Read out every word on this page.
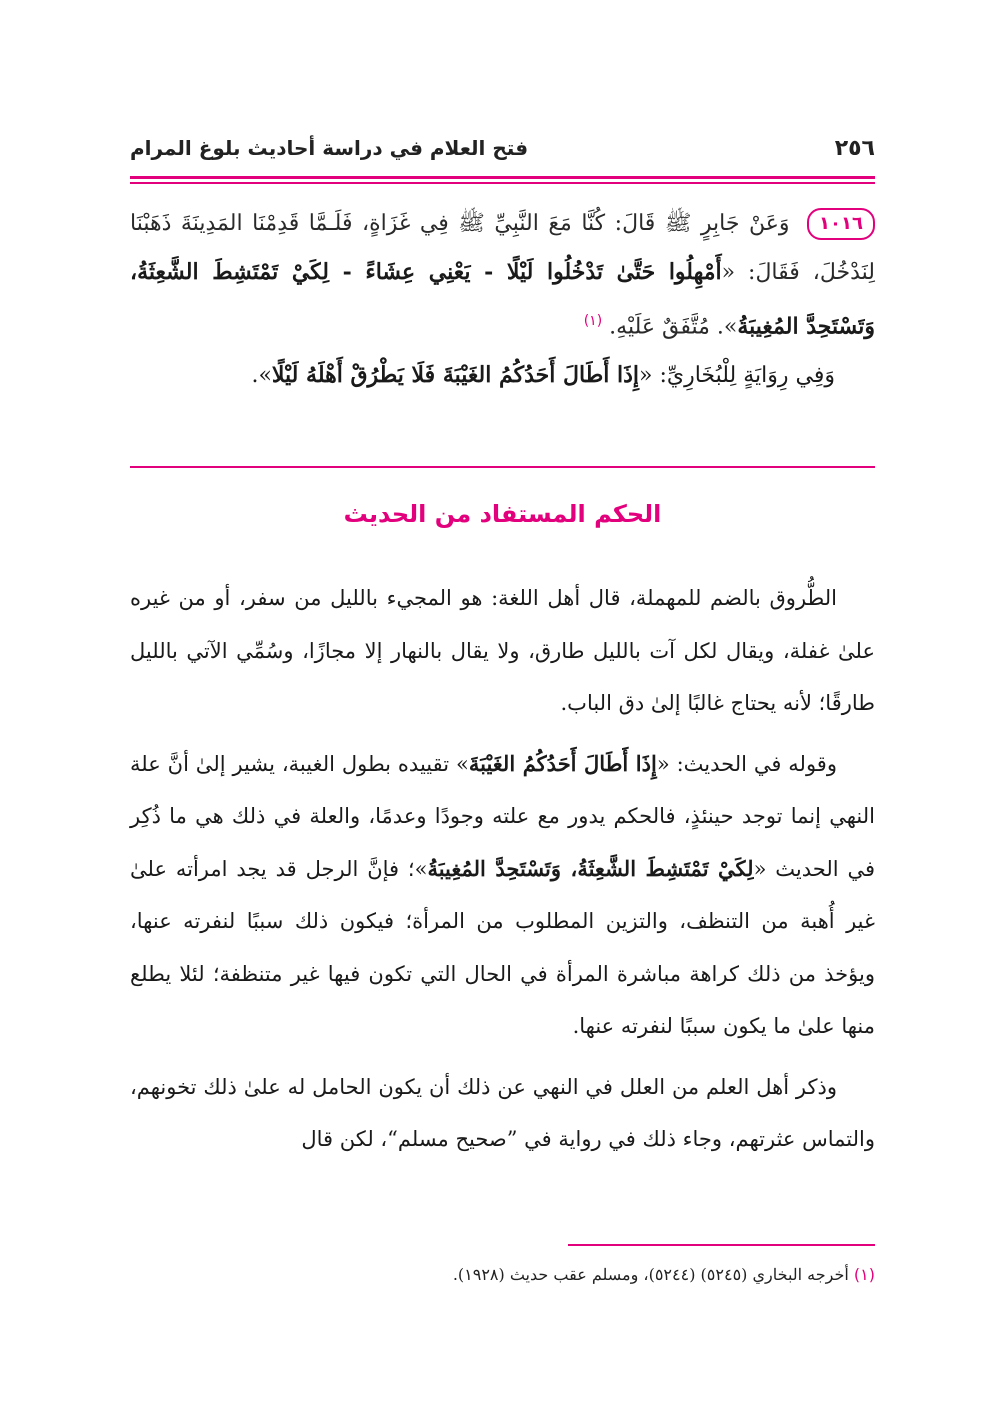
٢٥٦
فتح العلام في دراسة أحاديث بلوغ المرام

١٠١٦ وَعَنْ جَابِرٍ ﷺ قَالَ: كُنَّا مَعَ النَّبِيِّ ﷺ فِي غَزَاةٍ، فَلَـمَّا قَدِمْنَا المَدِينَةَ ذَهَبْنَا لِنَدْخُلَ، فَقَالَ: «أَمْهِلُوا حَتَّىٰ تَدْخُلُوا لَيْلًا - يَعْنِي عِشَاءً - لِكَيْ تَمْتَشِطَ الشَّعِثَةُ، وَتَسْتَحِدَّ المُغِيبَةُ». مُتَّفَقٌ عَلَيْهِ. $^{(١)}$

وَفِي رِوَايَةٍ لِلْبُخَارِيِّ: «إِذَا أَطَالَ أَحَدُكُمُ الغَيْبَةَ فَلَا يَطْرُقْ أَهْلَهُ لَيْلًا».

الحكم المستفاد من الحديث

الطُّروق بالضم للمهملة، قال أهل اللغة: هو المجيء بالليل من سفر، أو من غيره علىٰ غفلة، ويقال لكل آت بالليل طارق، ولا يقال بالنهار إلا مجازًا، وسُمِّي الآتي بالليل طارقًا؛ لأنه يحتاج غالبًا إلىٰ دق الباب.

وقوله في الحديث: «إِذَا أَطَالَ أَحَدُكُمُ الغَيْبَةَ» تقييده بطول الغيبة، يشير إلىٰ أنَّ علة النهي إنما توجد حينئذٍ، فالحكم يدور مع علته وجودًا وعدمًا، والعلة في ذلك هي ما ذُكِر في الحديث «لِكَيْ تَمْتَشِطَ الشَّعِثَةُ، وَتَسْتَحِدَّ المُغِيبَةُ»؛ فإنَّ الرجل قد يجد امرأته علىٰ غير أُهبة من التنظف، والتزين المطلوب من المرأة؛ فيكون ذلك سببًا لنفرته عنها، ويؤخذ من ذلك كراهة مباشرة المرأة في الحال التي تكون فيها غير متنظفة؛ لئلا يطلع منها علىٰ ما يكون سببًا لنفرته عنها.

وذكر أهل العلم من العلل في النهي عن ذلك أن يكون الحامل له علىٰ ذلك تخونهم، والتماس عثرتهم، وجاء ذلك في رواية في ”صحيح مسلم“، لكن قال

(١) أخرجه البخاري (٥٢٤٥) (٥٢٤٤)، ومسلم عقب حديث (١٩٢٨).
